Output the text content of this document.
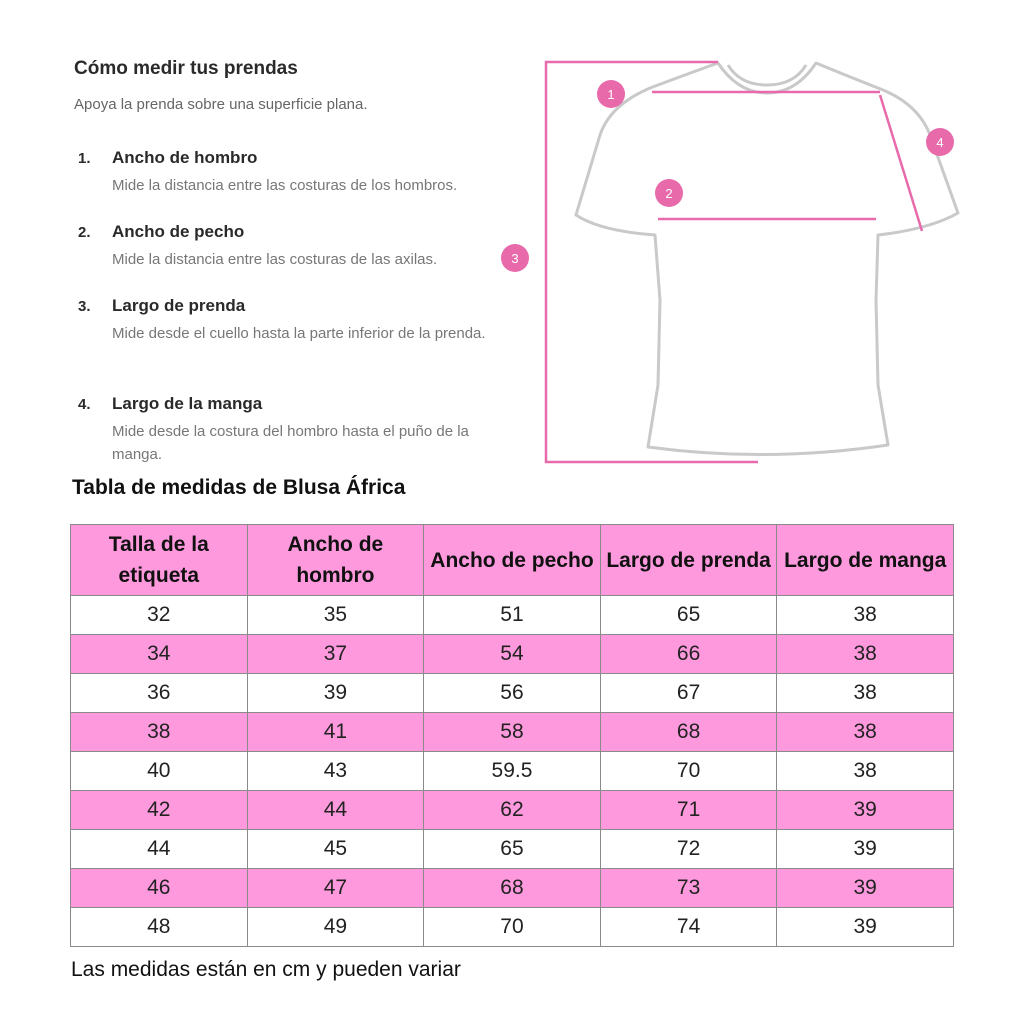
Cómo medir tus prendas
Apoya la prenda sobre una superficie plana.
1. Ancho de hombro
Mide la distancia entre las costuras de los hombros.
2. Ancho de pecho
Mide la distancia entre las costuras de las axilas.
3. Largo de prenda
Mide desde el cuello hasta la parte inferior de la prenda.
4. Largo de la manga
Mide desde la costura del hombro hasta el puño de la manga.
1
2
3
4
Tabla de medidas de Blusa África
Talla de la etiqueta	Ancho de hombro	Ancho de pecho	Largo de prenda	Largo de manga
32	35	51	65	38
34	37	54	66	38
36	39	56	67	38
38	41	58	68	38
40	43	59.5	70	38
42	44	62	71	39
44	45	65	72	39
46	47	68	73	39
48	49	70	74	39
Las medidas están en cm y pueden variar
